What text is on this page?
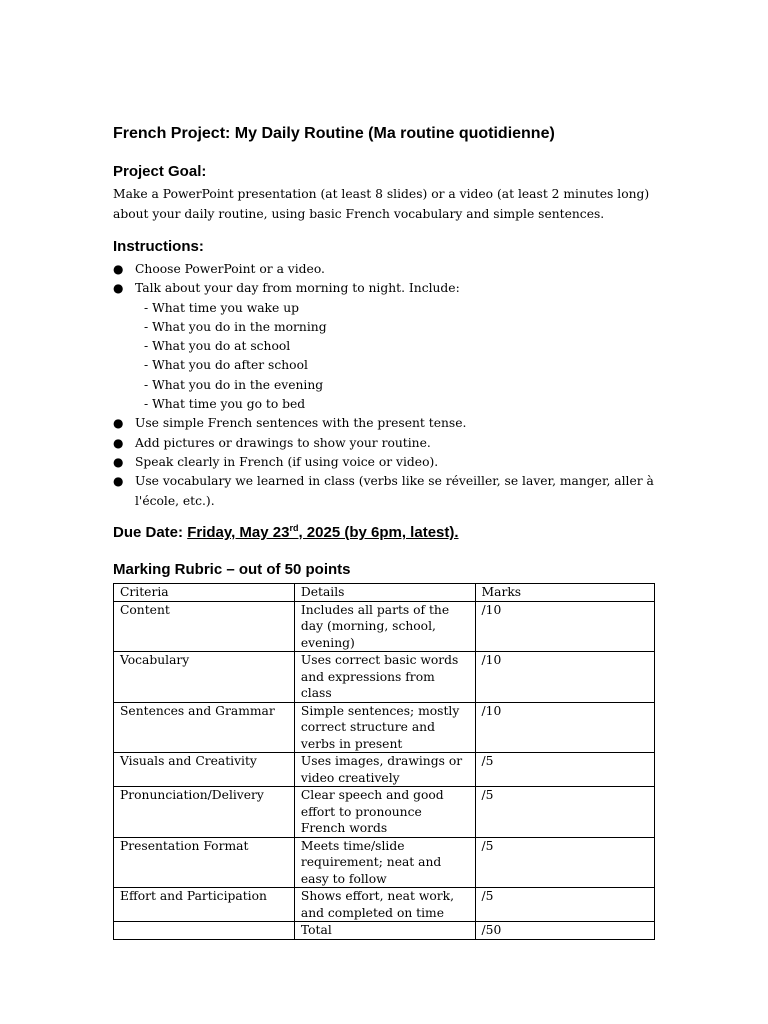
French Project: My Daily Routine (Ma routine quotidienne)
Project Goal:

Make a PowerPoint presentation (at least 8 slides) or a video (at least 2 minutes long) about your daily routine, using basic French vocabulary and simple sentences.

Instructions:
● Choose PowerPoint or a video.
● Talk about your day from morning to night. Include:
- What time you wake up
- What you do in the morning
- What you do at school
- What you do after school
- What you do in the evening
- What time you go to bed
● Use simple French sentences with the present tense.
● Add pictures or drawings to show your routine.
● Speak clearly in French (if using voice or video).
● Use vocabulary we learned in class (verbs like se réveiller, se laver, manger, aller à l'école, etc.).
Due Date: Friday, May 23rd, 2025 (by 6pm, latest).
Marking Rubric – out of 50 points
Criteria	Details	Marks
Content	Includes all parts of the day (morning, school, evening)	/10
Vocabulary	Uses correct basic words and expressions from class	/10
Sentences and Grammar	Simple sentences; mostly correct structure and verbs in present	/10
Visuals and Creativity	Uses images, drawings or video creatively	/5
Pronunciation/Delivery	Clear speech and good effort to pronounce French words	/5
Presentation Format	Meets time/slide requirement; neat and easy to follow	/5
Effort and Participation	Shows effort, neat work, and completed on time	/5
	Total	/50
